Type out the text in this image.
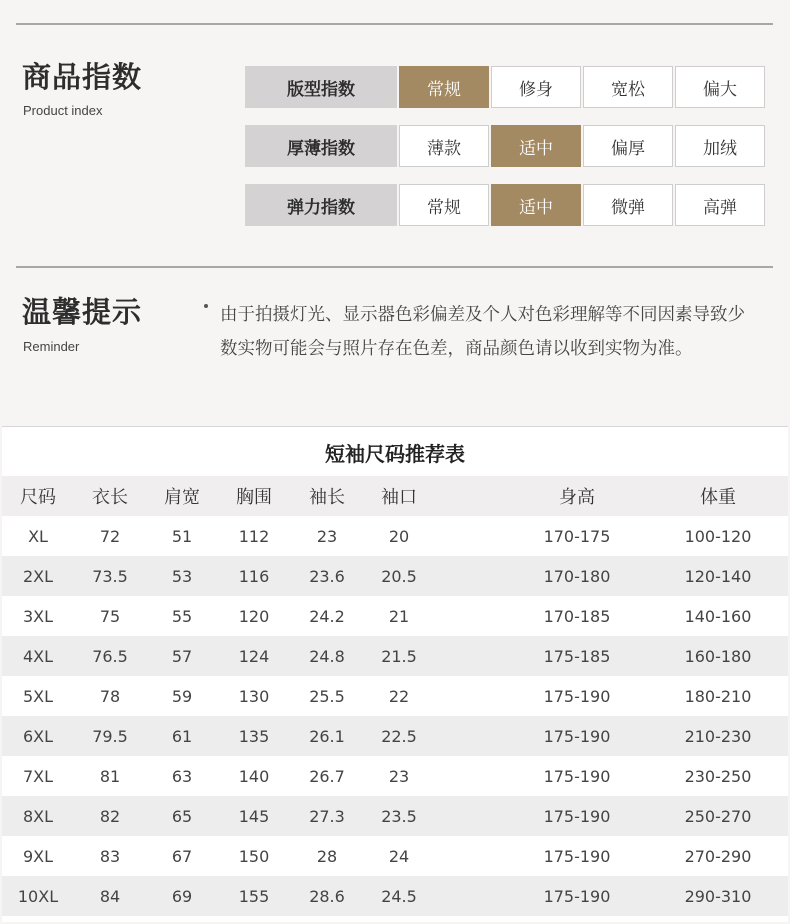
商品指数
Product index
版型指数	常规	修身	宽松	偏大
厚薄指数	薄款	适中	偏厚	加绒
弹力指数	常规	适中	微弹	高弹
温馨提示
Reminder
由于拍摄灯光、显示器色彩偏差及个人对色彩理解等不同因素导致少数实物可能会与照片存在色差，商品颜色请以收到实物为准。
短袖尺码推荐表
尺码	衣长	肩宽	胸围	袖长	袖口	身高	体重
XL	72	51	112	23	20	170-175	100-120
2XL	73.5	53	116	23.6	20.5	170-180	120-140
3XL	75	55	120	24.2	21	170-185	140-160
4XL	76.5	57	124	24.8	21.5	175-185	160-180
5XL	78	59	130	25.5	22	175-190	180-210
6XL	79.5	61	135	26.1	22.5	175-190	210-230
7XL	81	63	140	26.7	23	175-190	230-250
8XL	82	65	145	27.3	23.5	175-190	250-270
9XL	83	67	150	28	24	175-190	270-290
10XL	84	69	155	28.6	24.5	175-190	290-310
